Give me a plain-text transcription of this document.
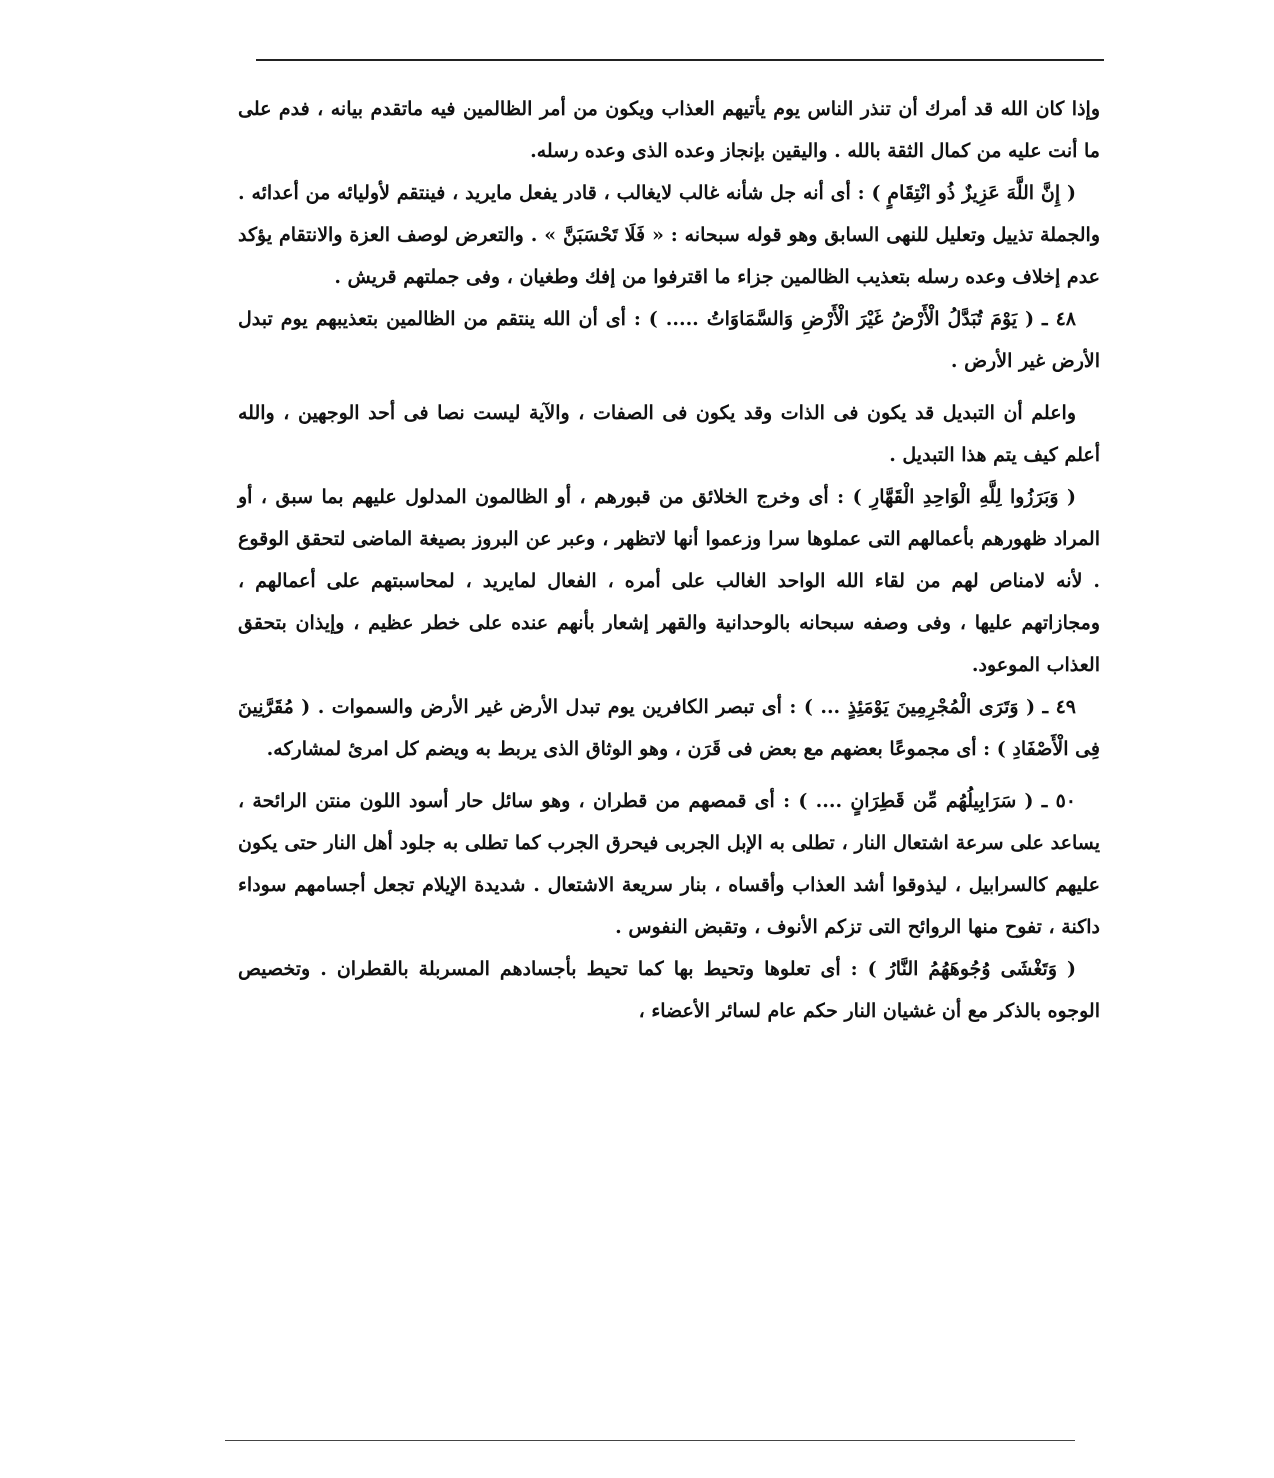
وإذا كان الله قد أمرك أن تنذر الناس يوم يأتيهم العذاب ويكون من أمر الظالمين فيه ماتقدم بيانه ، فدم على ما أنت عليه من كمال الثقة بالله . واليقين بإنجاز وعده الذى وعده رسله.

( إِنَّ اللَّهَ عَزِيزٌ ذُو انْتِقَامٍ ) : أى أنه جل شأنه غالب لايغالب ، قادر يفعل مايريد ، فينتقم لأوليائه من أعدائه . والجملة تذييل وتعليل للنهى السابق وهو قوله سبحانه : « فَلَا تَحْسَبَنَّ » . والتعرض لوصف العزة والانتقام يؤكد عدم إخلاف وعده رسله بتعذيب الظالمين جزاء ما اقترفوا من إفك وطغيان ، وفى جملتهم قريش .

٤٨ ـ ( يَوْمَ تُبَدَّلُ الْأَرْضُ غَيْرَ الْأَرْضِ وَالسَّمَاوَاتُ ..... ) : أى أن الله ينتقم من الظالمين بتعذيبهم يوم تبدل الأرض غير الأرض .

واعلم أن التبديل قد يكون فى الذات وقد يكون فى الصفات ، والآية ليست نصا فى أحد الوجهين ، والله أعلم كيف يتم هذا التبديل .

( وَبَرَزُوا لِلَّهِ الْوَاحِدِ الْقَهَّارِ ) : أى وخرج الخلائق من قبورهم ، أو الظالمون المدلول عليهم بما سبق ، أو المراد ظهورهم بأعمالهم التى عملوها سرا وزعموا أنها لاتظهر ، وعبر عن البروز بصيغة الماضى لتحقق الوقوع . لأنه لامناص لهم من لقاء الله الواحد الغالب على أمره ، الفعال لمايريد ، لمحاسبتهم على أعمالهم ، ومجازاتهم عليها ، وفى وصفه سبحانه بالوحدانية والقهر إشعار بأنهم عنده على خطر عظيم ، وإيذان بتحقق العذاب الموعود.

٤٩ ـ ( وَتَرَى الْمُجْرِمِينَ يَوْمَئِذٍ ... ) : أى تبصر الكافرين يوم تبدل الأرض غير الأرض والسموات . ( مُقَرَّنِينَ فِى الْأَصْفَادِ ) : أى مجموعًا بعضهم مع بعض فى قَرَن ، وهو الوثاق الذى يربط به ويضم كل امرئ لمشاركه.

٥٠ ـ ( سَرَابِيلُهُم مِّن قَطِرَانٍ .... ) : أى قمصهم من قطران ، وهو سائل حار أسود اللون منتن الرائحة ، يساعد على سرعة اشتعال النار ، تطلى به الإبل الجربى فيحرق الجرب كما تطلى به جلود أهل النار حتى يكون عليهم كالسرابيل ، ليذوقوا أشد العذاب وأقساه ، بنار سريعة الاشتعال . شديدة الإيلام تجعل أجسامهم سوداء داكنة ، تفوح منها الروائح التى تزكم الأنوف ، وتقبض النفوس .

( وَتَغْشَى وُجُوهَهُمُ النَّارُ ) : أى تعلوها وتحيط بها كما تحيط بأجسادهم المسربلة بالقطران . وتخصيص الوجوه بالذكر مع أن غشيان النار حكم عام لسائر الأعضاء ،
